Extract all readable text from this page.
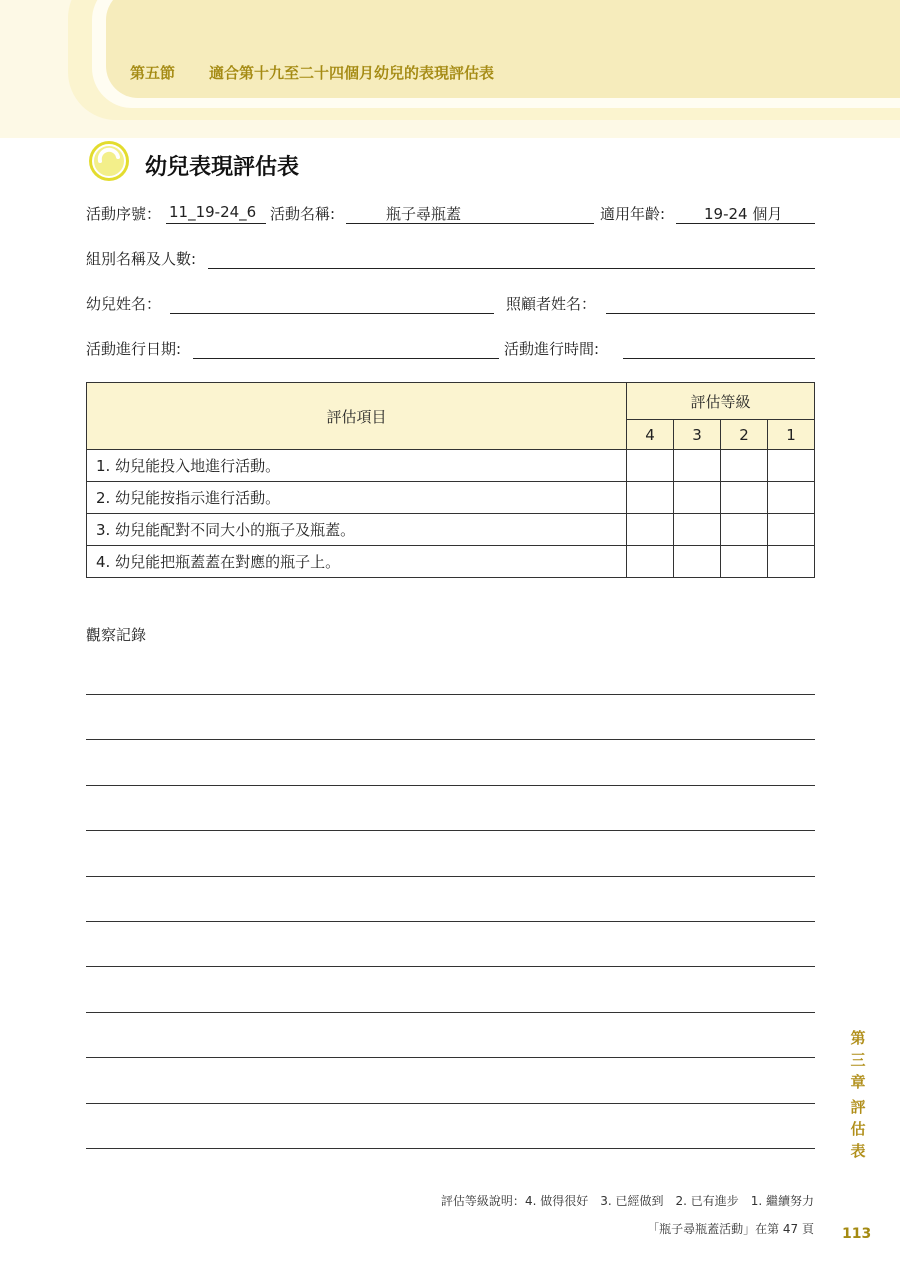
第五節 適合第十九至二十四個月幼兒的表現評估表
幼兒表現評估表
活動序號： 11_19-24_6 活動名稱:	瓶子尋瓶蓋	適用年齡:	19-24 個月
組別名稱及人數:
幼兒姓名：	照顧者姓名：
活動進行日期:	活動進行時間:
評估項目	評估等級			
	4	3	2	1
1. 幼兒能投入地進行活動。				
2. 幼兒能按指示進行活動。				
3. 幼兒能配對不同大小的瓶子及瓶蓋。				
4. 幼兒能把瓶蓋蓋在對應的瓶子上。				
觀察記錄
第三章
評估表
評估等級說明：4. 做得很好 3. 已經做到 2. 已有進步 1. 繼續努力
「瓶子尋瓶蓋活動」在第 47 頁 113
